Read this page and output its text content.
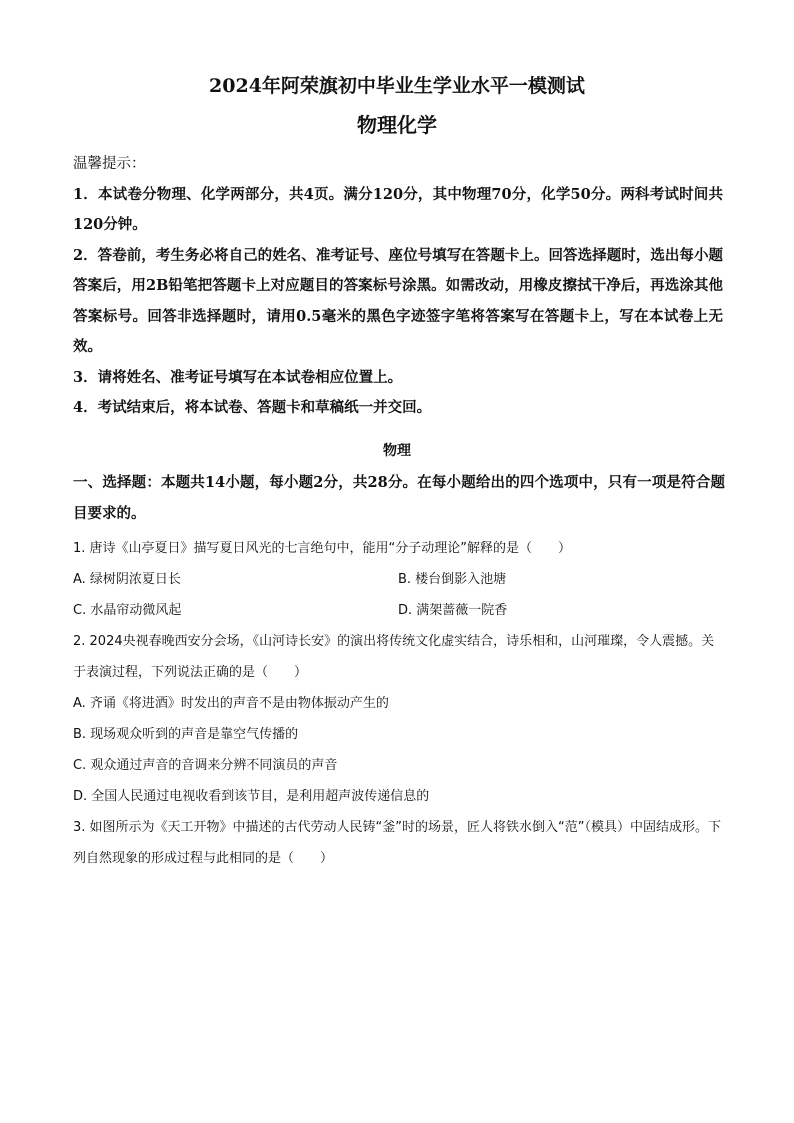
2024年阿荣旗初中毕业生学业水平一模测试
物理化学

温馨提示：

1．本试卷分物理、化学两部分，共4页。满分120分，其中物理70分，化学50分。两科考试时间共120分钟。

2．答卷前，考生务必将自己的姓名、准考证号、座位号填写在答题卡上。回答选择题时，选出每小题答案后，用2B铅笔把答题卡上对应题目的答案标号涂黑。如需改动，用橡皮擦拭干净后，再选涂其他答案标号。回答非选择题时，请用0.5毫米的黑色字迹签字笔将答案写在答题卡上，写在本试卷上无效。

3．请将姓名、准考证号填写在本试卷相应位置上。

4．考试结束后，将本试卷、答题卡和草稿纸一并交回。

物理
一、选择题：本题共14小题，每小题2分，共28分。在每小题给出的四个选项中，只有一项是符合题目要求的。

1. 唐诗《山亭夏日》描写夏日风光的七言绝句中，能用“分子动理论”解释的是（　　）

A. 绿树阴浓夏日长	B. 楼台倒影入池塘
C. 水晶帘动微风起	D. 满架蔷薇一院香

2. 2024央视春晚西安分会场，《山河诗长安》的演出将传统文化虚实结合，诗乐相和，山河璀璨，令人震撼。关于表演过程，下列说法正确的是（　　）

A. 齐诵《将进酒》时发出的声音不是由物体振动产生的

B. 现场观众听到的声音是靠空气传播的

C. 观众通过声音的音调来分辨不同演员的声音

D. 全国人民通过电视收看到该节目，是利用超声波传递信息的

3. 如图所示为《天工开物》中描述的古代劳动人民铸“釜”时的场景，匠人将铁水倒入“范”（模具）中固结成形。下列自然现象的形成过程与此相同的是（　　）
